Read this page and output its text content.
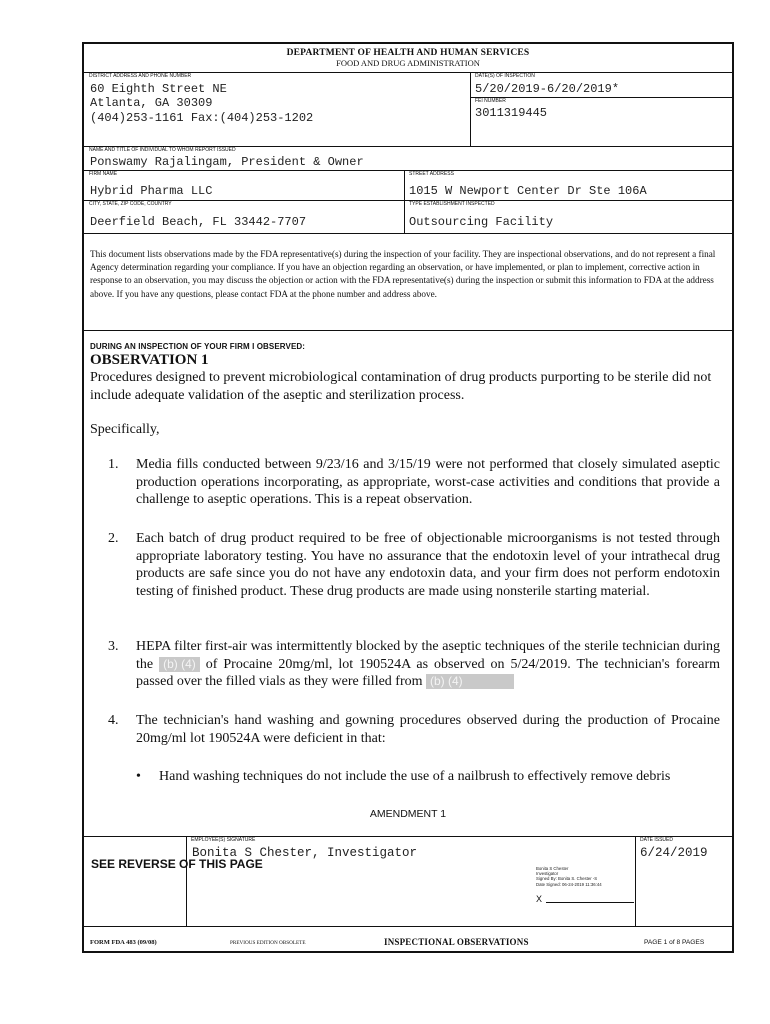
DEPARTMENT OF HEALTH AND HUMAN SERVICES
FOOD AND DRUG ADMINISTRATION
DISTRICT ADDRESS AND PHONE NUMBER
60 Eighth Street NE
Atlanta, GA 30309
(404)253-1161 Fax:(404)253-1202
DATE(S) OF INSPECTION
5/20/2019-6/20/2019*
FEI NUMBER
3011319445
NAME AND TITLE OF INDIVIDUAL TO WHOM REPORT ISSUED
Ponswamy Rajalingam, President & Owner
FIRM NAME
Hybrid Pharma LLC
STREET ADDRESS
1015 W Newport Center Dr Ste 106A
CITY, STATE, ZIP CODE, COUNTRY
Deerfield Beach, FL 33442-7707
TYPE ESTABLISHMENT INSPECTED
Outsourcing Facility
This document lists observations made by the FDA representative(s) during the inspection of your facility. They are inspectional observations, and do not represent a final Agency determination regarding your compliance. If you have an objection regarding an observation, or have implemented, or plan to implement, corrective action in response to an observation, you may discuss the objection or action with the FDA representative(s) during the inspection or submit this information to FDA at the address above. If you have any questions, please contact FDA at the phone number and address above.
DURING AN INSPECTION OF YOUR FIRM I OBSERVED:
OBSERVATION 1
Procedures designed to prevent microbiological contamination of drug products purporting to be sterile did not include adequate validation of the aseptic and sterilization process.
Specifically,
1. Media fills conducted between 9/23/16 and 3/15/19 were not performed that closely simulated aseptic production operations incorporating, as appropriate, worst-case activities and conditions that provide a challenge to aseptic operations. This is a repeat observation.
2. Each batch of drug product required to be free of objectionable microorganisms is not tested through appropriate laboratory testing. You have no assurance that the endotoxin level of your intrathecal drug products are safe since you do not have any endotoxin data, and your firm does not perform endotoxin testing of finished product. These drug products are made using nonsterile starting material.
3. HEPA filter first-air was intermittently blocked by the aseptic techniques of the sterile technician during the (b) (4) of Procaine 20mg/ml, lot 190524A as observed on 5/24/2019. The technician's forearm passed over the filled vials as they were filled from (b) (4)
4. The technician's hand washing and gowning procedures observed during the production of Procaine 20mg/ml lot 190524A were deficient in that:
• Hand washing techniques do not include the use of a nailbrush to effectively remove debris
AMENDMENT 1
SEE REVERSE OF THIS PAGE
EMPLOYEE(S) SIGNATURE
Bonita S Chester, Investigator
Bonita S Chester
Investigator
Signed By: Bonita S. Chester -S
Date Signed: 06-24-2019 11:36:44
X
DATE ISSUED
6/24/2019
FORM FDA 483 (09/08)	PREVIOUS EDITION OBSOLETE	INSPECTIONAL OBSERVATIONS	PAGE 1 of 8 PAGES
